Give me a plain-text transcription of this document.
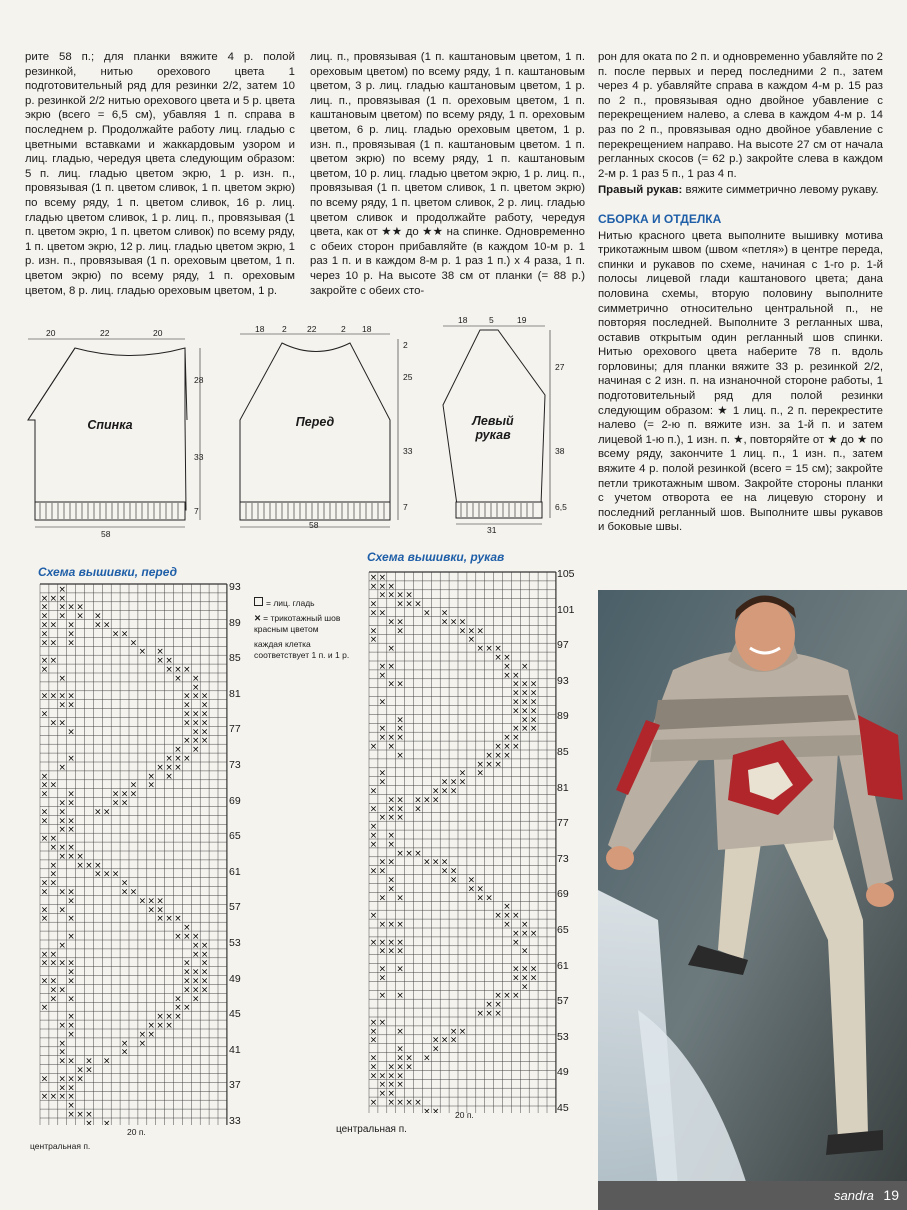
рите 58 п.; для планки вяжите 4 р. полой резинкой, нитью орехового цвета 1 подготовительный ряд для резинки 2/2, затем 10 р. резинкой 2/2 нитью орехового цвета и 5 р. цвета экрю (всего = 6,5 см), убавляя 1 п. справа в последнем р. Продолжайте работу лиц. гладью с цветными вставками и жаккардовым узором и лиц. гладью, чередуя цвета следующим образом: 5 п. лиц. гладью цветом экрю, 1 р. изн. п., провязывая (1 п. цветом сливок, 1 п. цветом экрю) по всему ряду, 1 п. цветом сливок, 16 р. лиц. гладью цветом сливок, 1 р. лиц. п., провязывая (1 п. цветом экрю, 1 п. цветом сливок) по всему ряду, 1 п. цветом экрю, 12 р. лиц. гладью цветом экрю, 1 р. изн. п., провязывая (1 п. ореховым цветом, 1 п. цветом экрю) по всему ряду, 1 п. ореховым цветом, 8 р. лиц. гладью ореховым цветом, 1 р.
лиц. п., провязывая (1 п. каштановым цветом, 1 п. ореховым цветом) по всему ряду, 1 п. каштановым цветом, 3 р. лиц. гладью каштановым цветом, 1 р. лиц. п., провязывая (1 п. ореховым цветом, 1 п. каштановым цветом) по всему ряду, 1 п. ореховым цветом, 6 р. лиц. гладью ореховым цветом, 1 р. изн. п., провязывая (1 п. каштановым цветом. 1 п. цветом экрю) по всему ряду, 1 п. каштановым цветом, 10 р. лиц. гладью цветом экрю, 1 р. лиц. п., провязывая (1 п. цветом сливок, 1 п. цветом экрю) по всему ряду, 1 п. цветом сливок, 2 р. лиц. гладью цветом сливок и продолжайте работу, чередуя цвета, как от ★★ до ★★ на спинке. Одновременно с обеих сторон прибавляйте (в каждом 10-м р. 1 раз 1 п. и в каждом 8-м р. 1 раз 1 п.) х 4 раза, 1 п. через 10 р. На высоте 38 см от планки (= 88 р.) закройте с обеих сто-
рон для оката по 2 п. и одновременно убавляйте по 2 п. после первых и перед последними 2 п., затем через 4 р. убавляйте справа в каждом 4-м р. 15 раз по 2 п., провязывая одно двойное убавление с перекрещением налево, а слева в каждом 4-м р. 14 раз по 2 п., провязывая одно двойное убавление с перекрещением направо. На высоте 27 см от начала регланных скосов (= 62 р.) закройте слева в каждом 2-м р. 1 раз 5 п., 1 раз 4 п.
Правый рукав: вяжите симметрично левому рукаву.
СБОРКА И ОТДЕЛКА
Нитью красного цвета выполните вышивку мотива трикотажным швом (швом «петля») в центре переда, спинки и рукавов по схеме, начиная с 1-го р. 1-й полосы лицевой глади каштанового цвета; дана половина схемы, вторую половину выполните симметрично относительно центральной п., не повторяя последней. Выполните 3 регланных шва, оставив открытым один регланный шов спинки. Нитью орехового цвета наберите 78 п. вдоль горловины; для планки вяжите 33 р. резинкой 2/2, начиная с 2 изн. п. на изнаночной стороне работы, 1 подготовительный ряд для полой резинки следующим образом: ★ 1 лиц. п., 2 п. перекрестите налево (= 2-ю п. вяжите изн. за 1-й п. и затем лицевой 1-ю п.), 1 изн. п. ★, повторяйте от ★ до ★ по всему ряду, закончите 1 лиц. п., 1 изн. п., затем вяжите 4 р. полой резинкой (всего = 15 см); закройте петли трикотажным швом. Закройте стороны планки с учетом отворота ее на лицевую сторону и последний регланный шов. Выполните швы рукавов и боковые швы.
Спинка
20	22	20
28
33
7
58
Перед
18 2 22	2 18
2
25
33
7
58
Левый рукав
18	5	19
27
38
6,5
31
Схема вышивки, перед
Схема вышивки, рукав
×
× × ×
× × × ×
× × × ×
× × × × ×
× ×	× ×
× × ×	×
× ×
× ×	× ×
×	× × ×
×	× ×
×
× × × ×	× × ×
× ×	× ×
×	× × ×
× ×	× × ×
×	× ×
× × ×
× ×
×	× × ×
×	× × ×
×	× ×
× ×	× ×
× ×	× × ×
× ×	× ×
× ×	× ×
× × ×
× ×
× ×
× × ×
× × ×
× × × ×
×	× × ×
× ×	×
× × ×	× ×
×	× × ×
× ×	× ×
× ×	× × ×
×
×	× × ×
×	× ×
× ×	× ×
× × × ×	× ×
×	× × ×
× × ×	× × ×
× ×	× × ×
× ×	× ×
×	× ×
×	× × ×
× ×	× × ×
×	× ×
×	× ×
×	×
× × × ×
× ×
× × × ×
× ×
× × × ×
×
× × ×
× ×
× ×
× × ×
× × × ×
× × × ×
× ×	× ×
× ×	× × ×
× ×	× × ×
×	×
×	× × ×
× ×
× ×	× ×
×	× ×
× ×	× × ×
× × ×
×	× × ×
× × ×
×	× ×
× ×	× × ×
× × ×	× ×
× ×	× × ×
×	× × ×
× × ×
×	× ×
×	× × ×
×	× × ×
× × × × ×
× × × ×
× × ×
×
× ×
× ×
× × ×
× ×	× × ×
× ×	× ×
×	× ×
×	× ×
× ×	× ×
×
×	× × ×
× × ×	× ×
× × ×
× × × ×	×
× × ×	×
× ×	× × ×
×	× × ×
×
× ×	× × ×
× ×
× × ×
× ×
× ×	× ×
×	× × ×
×	×
× × × ×
× × × ×
× × × ×
× × ×
× ×
× × × × ×
× ×
93
89
85
81
77
73
69
65
61
57
53
49
45
41
37
33
105
101
97
93
89
85
81
77
73
69
65
61
57
53
49
45
20 п.
центральная п.
20 п.
центральная п.
= лиц. гладь
✕ = трикотажный шов красным цветом
каждая клетка соответствует 1 п. и 1 р.
sandra 19
